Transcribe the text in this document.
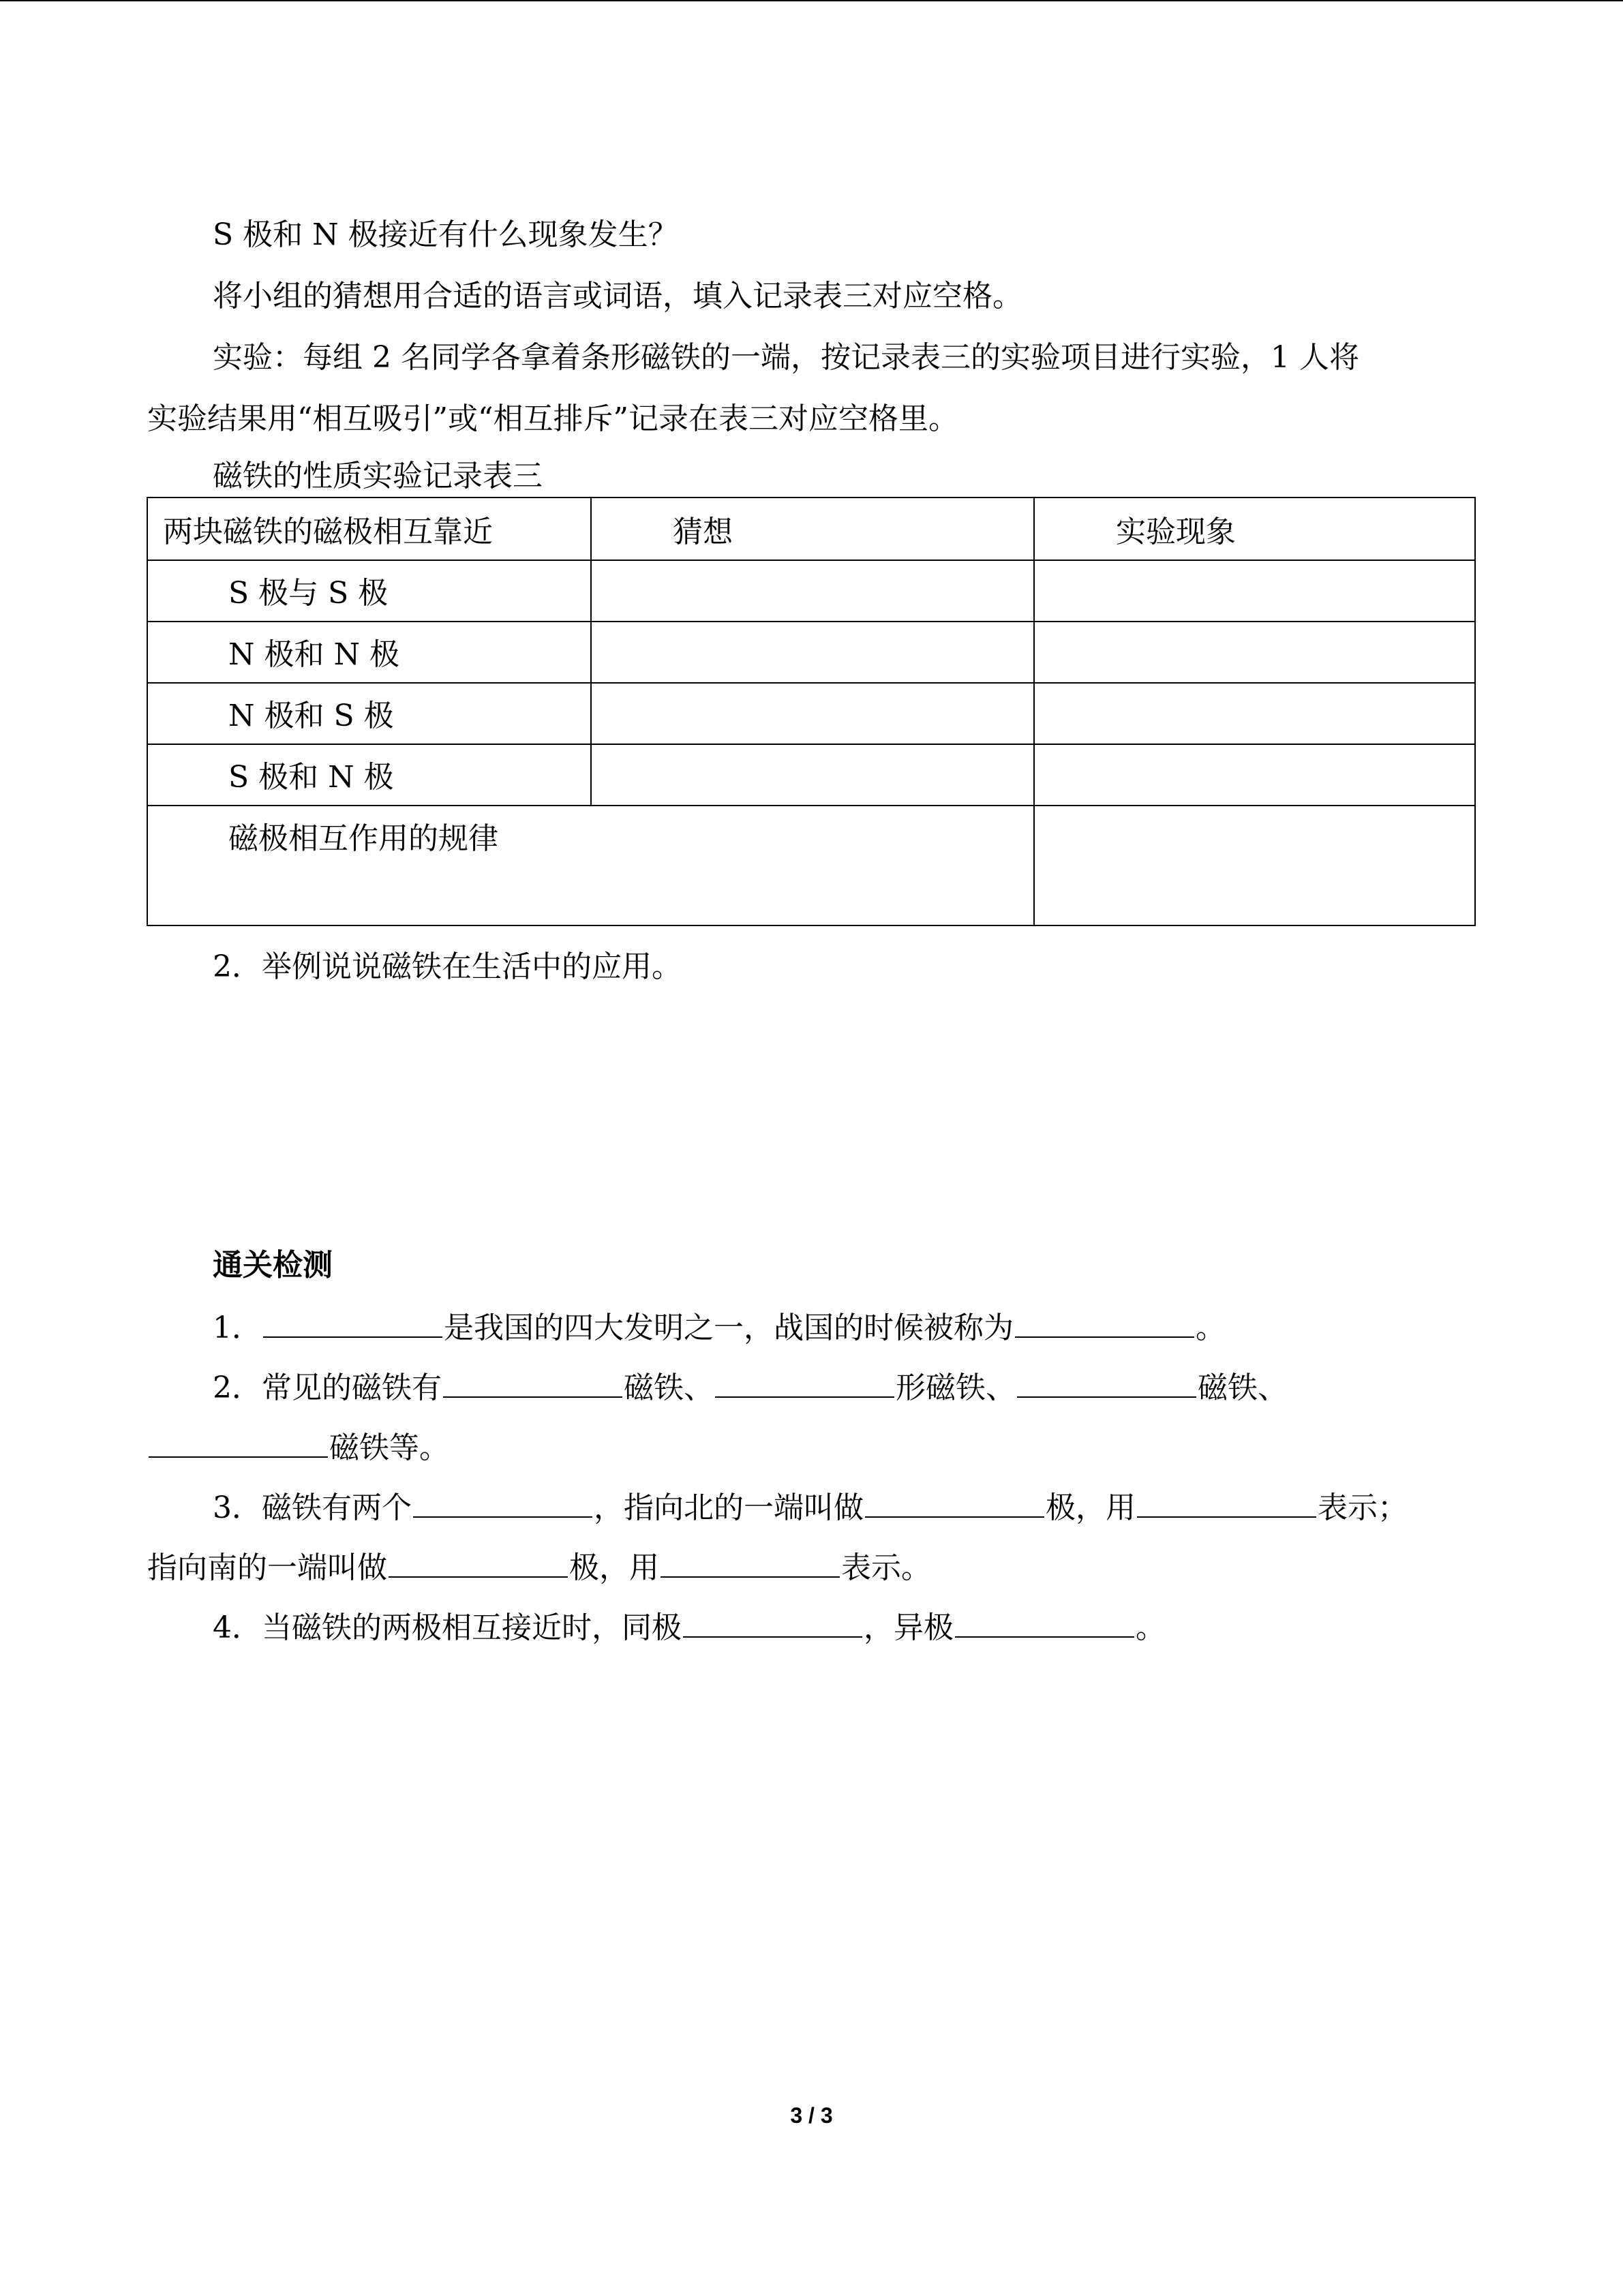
S 极和 N 极接近有什么现象发生？
将小组的猜想用合适的语言或词语，填入记录表三对应空格。
实验：每组 2 名同学各拿着条形磁铁的一端，按记录表三的实验项目进行实验，1 人将
实验结果用“相互吸引”或“相互排斥”记录在表三对应空格里。
磁铁的性质实验记录表三
两块磁铁的磁极相互靠近	猜想	实验现象
S 极与 S 极
N 极和 N 极
N 极和 S 极
S 极和 N 极
磁极相互作用的规律
2．举例说说磁铁在生活中的应用。
通关检测
1．	是我国的四大发明之一，战国的时候被称为	。
2．常见的磁铁有	磁铁、	形磁铁、	磁铁、
磁铁等。
3．磁铁有两个	，指向北的一端叫做	极，用	表示；
指向南的一端叫做	极，用	表示。
4．当磁铁的两极相互接近时，同极	，异极	。
3 / 3
